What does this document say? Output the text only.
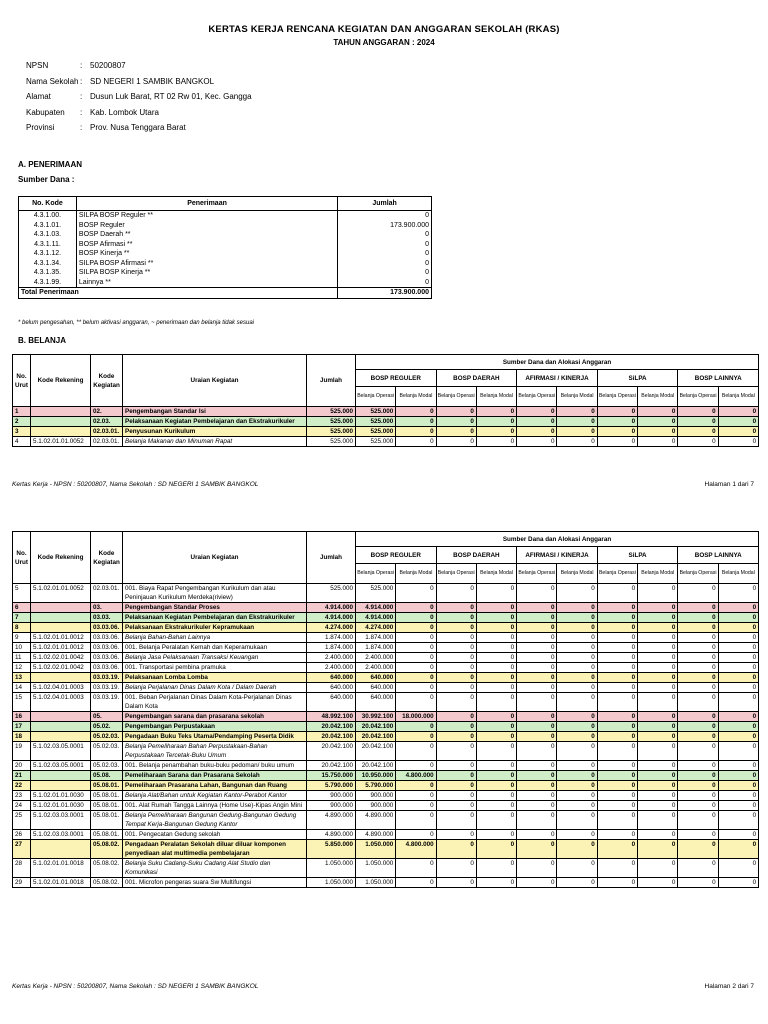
KERTAS KERJA RENCANA KEGIATAN DAN ANGGARAN SEKOLAH (RKAS)
TAHUN ANGGARAN : 2024
NPSN	: 50200807
Nama Sekolah : SD NEGERI 1 SAMBIK BANGKOL
Alamat	: Dusun Luk Barat, RT 02 Rw 01, Kec. Gangga
Kabupaten	: Kab. Lombok Utara
Provinsi	: Prov. Nusa Tenggara Barat
A. PENERIMAAN
Sumber Dana :
No. Kode	Penerimaan	Jumlah
4.3.1.00.	SILPA BOSP Reguler **	0
4.3.1.01.	BOSP Reguler	173.900.000
4.3.1.03.	BOSP Daerah **	0
4.3.1.11.	BOSP Afirmasi **	0
4.3.1.12.	BOSP Kinerja **	0
4.3.1.34.	SILPA BOSP Afirmasi **	0
4.3.1.35.	SILPA BOSP Kinerja **	0
4.3.1.99.	Lainnya **	0
Total Penerimaan		173.900.000
* belum pengesahan, ** belum aktivasi anggaran, ~ penerimaan dan belanja tidak sesuai
B. BELANJA
No. Urut	Kode Rekening	Kode Kegiatan	Uraian Kegiatan	Jumlah	Sumber Dana dan Alokasi Anggaran									
					BOSP REGULER		BOSP DAERAH		AFIRMASI / KINERJA		SiLPA		BOSP LAINNYA	
					Belanja Operasi	Belanja Modal	Belanja Operasi	Belanja Modal	Belanja Operasi	Belanja Modal	Belanja Operasi	Belanja Modal	Belanja Operasi	Belanja Modal
1		02.	Pengembangan Standar Isi	525.000	525.000	0	0	0	0	0	0	0	0	0
2		02.03.	Pelaksanaan Kegiatan Pembelajaran dan Ekstrakurikuler	525.000	525.000	0	0	0	0	0	0	0	0	0
3		02.03.01.	Penyusunan Kurikulum	525.000	525.000	0	0	0	0	0	0	0	0	0
4	5.1.02.01.01.0052	02.03.01.	Belanja Makanan dan Minuman Rapat	525.000	525.000	0	0	0	0	0	0	0	0	0
Kertas Kerja - NPSN : 50200807, Nama Sekolah : SD NEGERI 1 SAMBIK BANGKOL	Halaman 1 dari 7
No. Urut	Kode Rekening	Kode Kegiatan	Uraian Kegiatan	Jumlah	Sumber Dana dan Alokasi Anggaran									
					BOSP REGULER		BOSP DAERAH		AFIRMASI / KINERJA		SiLPA		BOSP LAINNYA	
					Belanja Operasi	Belanja Modal	Belanja Operasi	Belanja Modal	Belanja Operasi	Belanja Modal	Belanja Operasi	Belanja Modal	Belanja Operasi	Belanja Modal
5	5.1.02.01.01.0052	02.03.01.	001. Biaya Rapat Pengembangan Kurikulum dan atau Peninjauan Kurikulum Merdeka(riview)	525.000	525.000	0	0	0	0	0	0	0	0	0
6		03.	Pengembangan Standar Proses	4.914.000	4.914.000	0	0	0	0	0	0	0	0	0
7		03.03.	Pelaksanaan Kegiatan Pembelajaran dan Ekstrakurikuler	4.914.000	4.914.000	0	0	0	0	0	0	0	0	0
8		03.03.06.	Pelaksanaan Ekstrakurikuler Kepramukaan	4.274.000	4.274.000	0	0	0	0	0	0	0	0	0
9	5.1.02.01.01.0012	03.03.06.	Belanja Bahan-Bahan Lainnya	1.874.000	1.874.000	0	0	0	0	0	0	0	0	0
10	5.1.02.01.01.0012	03.03.06.	001. Belanja Peralatan Kemah dan Keperamukaan	1.874.000	1.874.000	0	0	0	0	0	0	0	0	0
11	5.1.02.02.01.0042	03.03.06.	Belanja Jasa Pelaksanaan Transaksi Keuangan	2.400.000	2.400.000	0	0	0	0	0	0	0	0	0
12	5.1.02.02.01.0042	03.03.06.	001. Transportasi pembina pramuka	2.400.000	2.400.000	0	0	0	0	0	0	0	0	0
13		03.03.19.	Pelaksanaan Lomba Lomba	640.000	640.000	0	0	0	0	0	0	0	0	0
14	5.1.02.04.01.0003	03.03.19.	Belanja Perjalanan Dinas Dalam Kota / Dalam Daerah	640.000	640.000	0	0	0	0	0	0	0	0	0
15	5.1.02.04.01.0003	03.03.19.	001. Beban Perjalanan Dinas Dalam Kota-Perjalanan Dinas Dalam Kota	640.000	640.000	0	0	0	0	0	0	0	0	0
16		05.	Pengembangan sarana dan prasarana sekolah	48.992.100	30.992.100	18.000.000	0	0	0	0	0	0	0	0
17		05.02.	Pengembangan Perpustakaan	20.042.100	20.042.100	0	0	0	0	0	0	0	0	0
18		05.02.03.	Pengadaan Buku Teks Utama/Pendamping Peserta Didik	20.042.100	20.042.100	0	0	0	0	0	0	0	0	0
19	5.1.02.03.05.0001	05.02.03.	Belanja Pemeliharaan Bahan Perpustakaan-Bahan Perpustakaan Tercetak-Buku Umum	20.042.100	20.042.100	0	0	0	0	0	0	0	0	0
20	5.1.02.03.05.0001	05.02.03.	001. Belanja penambahan buku-buku pedoman/ buku umum	20.042.100	20.042.100	0	0	0	0	0	0	0	0	0
21		05.08.	Pemeliharaan Sarana dan Prasarana Sekolah	15.750.000	10.950.000	4.800.000	0	0	0	0	0	0	0	0
22		05.08.01.	Pemeliharaan Prasarana Lahan, Bangunan dan Ruang	5.790.000	5.790.000	0	0	0	0	0	0	0	0	0
23	5.1.02.01.01.0030	05.08.01.	Belanja Alat/Bahan untuk Kegiatan Kantor-Perabot Kantor	900.000	900.000	0	0	0	0	0	0	0	0	0
24	5.1.02.01.01.0030	05.08.01.	001. Alat Rumah Tangga Lainnya (Home Use)-Kipas Angin Mini	900.000	900.000	0	0	0	0	0	0	0	0	0
25	5.1.02.03.03.0001	05.08.01.	Belanja Pemeliharaan Bangunan Gedung-Bangunan Gedung Tempat Kerja-Bangunan Gedung Kantor	4.890.000	4.890.000	0	0	0	0	0	0	0	0	0
26	5.1.02.03.03.0001	05.08.01.	001. Pengecatan Gedung sekolah	4.890.000	4.890.000	0	0	0	0	0	0	0	0	0
27		05.08.02.	Pengadaan Peralatan Sekolah diluar diluar komponen penyediaan alat multimedia pembelajaran	5.850.000	1.050.000	4.800.000	0	0	0	0	0	0	0	0
28	5.1.02.01.01.0018	05.08.02.	Belanja Suku Cadang-Suku Cadang Alat Studio dan Komunikasi	1.050.000	1.050.000	0	0	0	0	0	0	0	0	0
29	5.1.02.01.01.0018	05.08.02.	001. Microfon pengeras suara Sw Multifungsi	1.050.000	1.050.000	0	0	0	0	0	0	0	0	0
Kertas Kerja - NPSN : 50200807, Nama Sekolah : SD NEGERI 1 SAMBIK BANGKOL	Halaman 2 dari 7
